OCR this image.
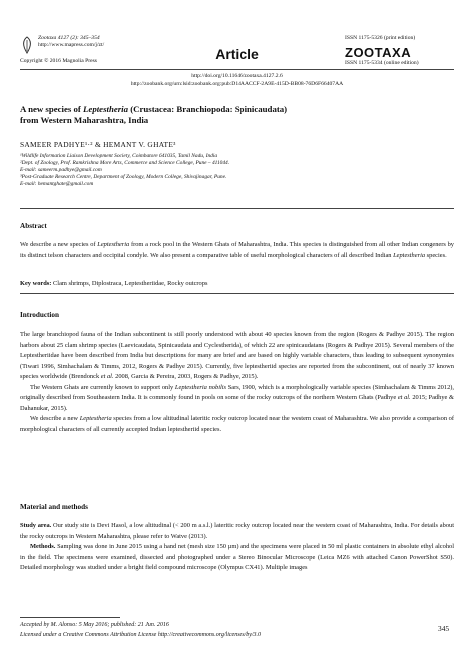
Zootaxa 4127 (2): 345–354
http://www.mapress.com/j/zt/
Copyright © 2016 Magnolia Press	Article
ISSN 1175-5326 (print edition)
ZOOTAXA
ISSN 1175-5334 (online edition)
http://doi.org/10.11646/zootaxa.4127.2.6
http://zoobank.org/urn:lsid:zoobank.org:pub:D14AACCF-2A9E-415D-BB08-76D6F66407AA
A new species of Leptestheria (Crustacea: Branchiopoda: Spinicaudata)
from Western Maharashtra, India
SAMEER PADHYE¹·² & HEMANT V. GHATE³
¹Wildlife Information Liaison Development Society, Coimbatore 641035, Tamil Nadu, India
²Dept. of Zoology, Prof. Ramkrishna More Arts, Commerce and Science College, Pune – 411044.
E-mail: sameerm.padhye@gmail.com
³Post-Graduate Research Centre, Department of Zoology, Modern College, Shivajinagar, Pune.
E-mail: hemantghate@gmail.com
Abstract
We describe a new species of Leptestheria from a rock pool in the Western Ghats of Maharashtra, India. This species is distinguished from all other Indian congeners by its distinct telson characters and occipital condyle. We also present a comparative table of useful morphological characters of all described Indian Leptestheria species.
Key words: Clam shrimps, Diplostraca, Leptestheriidae, Rocky outcrops
Introduction

The large branchiopod fauna of the Indian subcontinent is still poorly understood with about 40 species known from the region (Rogers & Padhye 2015). The region harbors about 25 clam shrimp species (Laevicaudata, Spinicaudata and Cyclestherida), of which 22 are spinicaudatans (Rogers & Padhye 2015). Several members of the Leptestheriidae have been described from India but descriptions for many are brief and are based on highly variable characters, thus leading to subsequent synonymies (Tiwari 1996, Simhachalam & Timms, 2012, Rogers & Padhye 2015). Currently, five leptestheriid species are reported from the subcontinent, out of nearly 37 known species worldwide (Brendonck et al. 2008, Garcia & Pereira, 2003, Rogers & Padhye, 2015).

The Western Ghats are currently known to support only Leptestheria nobilis Sars, 1900, which is a morphologically variable species (Simhachalam & Timms 2012), originally described from Southeastern India. It is commonly found in pools on some of the rocky outcrops of the northern Western Ghats (Padhye et al. 2015; Padhye & Dahanukar, 2015).

We describe a new Leptestheria species from a low altitudinal lateritic rocky outcrop located near the western coast of Maharashtra. We also provide a comparison of morphological characters of all currently accepted Indian leptestheriid species.

Material and methods

Study area. Our study site is Devi Hasol, a low altitudinal (< 200 m a.s.l.) lateritic rocky outcrop located near the western coast of Maharashtra, India. For details about the rocky outcrops in Western Maharashtra, please refer to Watve (2013).

Methods. Sampling was done in June 2015 using a hand net (mesh size 150 µm) and the specimens were placed in 50 ml plastic containers in absolute ethyl alcohol in the field. The specimens were examined, dissected and photographed under a Stereo Binocular Microscope (Leica MZ6 with attached Canon PowerShot S50). Detailed morphology was studied under a bright field compound microscope (Olympus CX41). Multiple images

Accepted by M. Alonso: 5 May 2016; published: 21 Jun. 2016
Licensed under a Creative Commons Attribution License http://creativecommons.org/licenses/by/3.0
345
